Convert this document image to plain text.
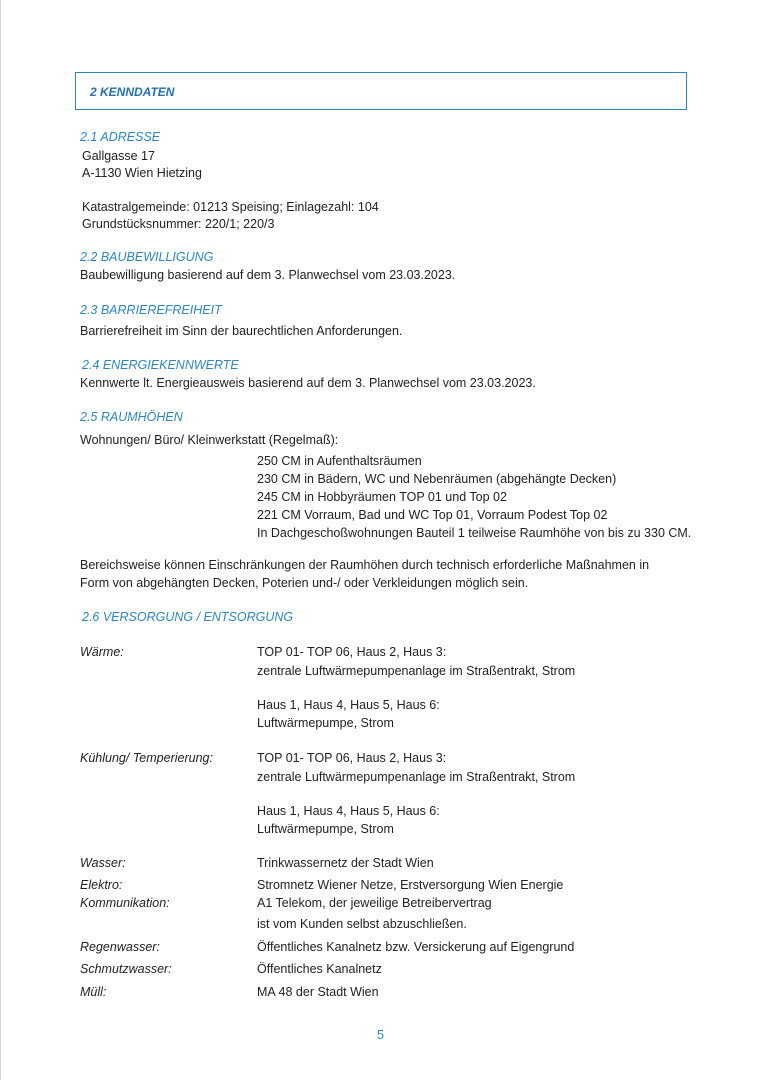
2 KENNDATEN
2.1 ADRESSE
Gallgasse 17
A-1130 Wien Hietzing
Katastralgemeinde: 01213 Speising; Einlagezahl: 104
Grundstücksnummer: 220/1; 220/3
2.2 BAUBEWILLIGUNG
Baubewilligung basierend auf dem 3. Planwechsel vom 23.03.2023.
2.3 BARRIEREFREIHEIT
Barrierefreiheit im Sinn der baurechtlichen Anforderungen.
2.4 ENERGIEKENNWERTE
Kennwerte lt. Energieausweis basierend auf dem 3. Planwechsel vom 23.03.2023.
2.5 RAUMHÖHEN
Wohnungen/ Büro/ Kleinwerkstatt (Regelmaß):
250 CM in Aufenthaltsräumen
230 CM in Bädern, WC und Nebenräumen (abgehängte Decken)
245 CM in Hobbyräumen TOP 01 und Top 02
221 CM Vorraum, Bad und WC Top 01, Vorraum Podest Top 02
In Dachgeschoßwohnungen Bauteil 1 teilweise Raumhöhe von bis zu 330 CM.
Bereichsweise können Einschränkungen der Raumhöhen durch technisch erforderliche Maßnahmen in
Form von abgehängten Decken, Poterien und-/ oder Verkleidungen möglich sein.
2.6 VERSORGUNG / ENTSORGUNG
Wärme:	TOP 01- TOP 06, Haus 2, Haus 3:
zentrale Luftwärmepumpenanlage im Straßentrakt, Strom
Haus 1, Haus 4, Haus 5, Haus 6:
Luftwärmepumpe, Strom
Kühlung/ Temperierung:	TOP 01- TOP 06, Haus 2, Haus 3:
zentrale Luftwärmepumpenanlage im Straßentrakt, Strom
Haus 1, Haus 4, Haus 5, Haus 6:
Luftwärmepumpe, Strom
Wasser:	Trinkwassernetz der Stadt Wien
Elektro:	Stromnetz Wiener Netze, Erstversorgung Wien Energie
Kommunikation:	A1 Telekom, der jeweilige Betreibervertrag
ist vom Kunden selbst abzuschließen.
Regenwasser:	Öffentliches Kanalnetz bzw. Versickerung auf Eigengrund
Schmutzwasser:	Öffentliches Kanalnetz
Müll:	MA 48 der Stadt Wien
5
